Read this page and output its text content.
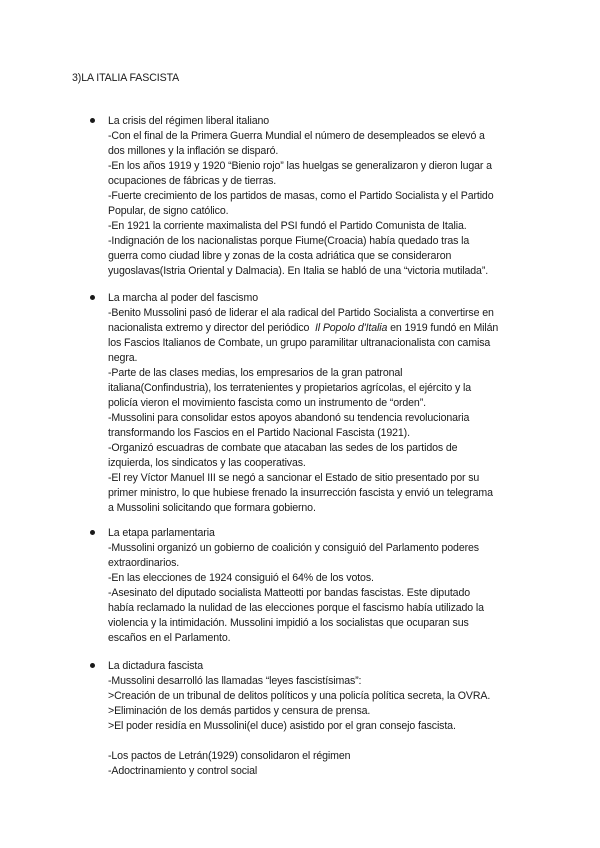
3)LA ITALIA FASCISTA
La crisis del régimen liberal italiano
-Con el final de la Primera Guerra Mundial el número de desempleados se elevó a
dos millones y la inflación se disparó.
-En los años 1919 y 1920 “Bienio rojo” las huelgas se generalizaron y dieron lugar a
ocupaciones de fábricas y de tierras.
-Fuerte crecimiento de los partidos de masas, como el Partido Socialista y el Partido
Popular, de signo católico.
-En 1921 la corriente maximalista del PSI fundó el Partido Comunista de Italia.
-Indignación de los nacionalistas porque Fiume(Croacia) había quedado tras la
guerra como ciudad libre y zonas de la costa adriática que se consideraron
yugoslavas(Istria Oriental y Dalmacia). En Italia se habló de una “victoria mutilada”.
La marcha al poder del fascismo
-Benito Mussolini pasó de liderar el ala radical del Partido Socialista a convertirse en
nacionalista extremo y director del periódico Il Popolo d'Italia en 1919 fundó en Milán
los Fascios Italianos de Combate, un grupo paramilitar ultranacionalista con camisa
negra.
-Parte de las clases medias, los empresarios de la gran patronal
italiana(Confindustria), los terratenientes y propietarios agrícolas, el ejército y la
policía vieron el movimiento fascista como un instrumento de “orden”.
-Mussolini para consolidar estos apoyos abandonó su tendencia revolucionaria
transformando los Fascios en el Partido Nacional Fascista (1921).
-Organizó escuadras de combate que atacaban las sedes de los partidos de
izquierda, los sindicatos y las cooperativas.
-El rey Víctor Manuel III se negó a sancionar el Estado de sitio presentado por su
primer ministro, lo que hubiese frenado la insurrección fascista y envió un telegrama
a Mussolini solicitando que formara gobierno.
La etapa parlamentaria
-Mussolini organizó un gobierno de coalición y consiguió del Parlamento poderes
extraordinarios.
-En las elecciones de 1924 consiguió el 64% de los votos.
-Asesinato del diputado socialista Matteotti por bandas fascistas. Este diputado
había reclamado la nulidad de las elecciones porque el fascismo había utilizado la
violencia y la intimidación. Mussolini impidió a los socialistas que ocuparan sus
escaños en el Parlamento.
La dictadura fascista
-Mussolini desarrolló las llamadas “leyes fascistísimas”:
>Creación de un tribunal de delitos políticos y una policía política secreta, la OVRA.
>Eliminación de los demás partidos y censura de prensa.
>El poder residía en Mussolini(el duce) asistido por el gran consejo fascista.
-Los pactos de Letrán(1929) consolidaron el régimen
-Adoctrinamiento y control social
